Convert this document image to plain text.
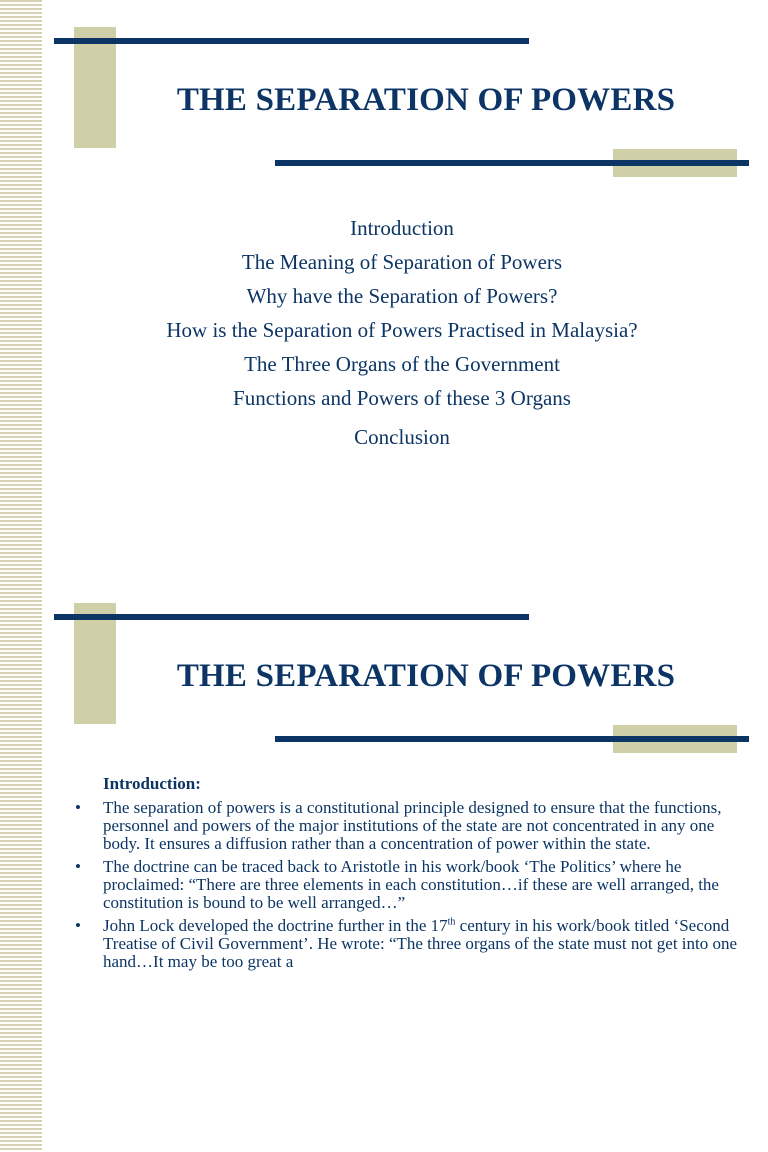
THE SEPARATION OF POWERS
Introduction
The Meaning of Separation of Powers
Why have the Separation of Powers?
How is the Separation of Powers Practised in Malaysia?
The Three Organs of the Government
Functions and Powers of these 3 Organs
Conclusion
THE SEPARATION OF POWERS
Introduction:
• The separation of powers is a constitutional principle designed to ensure that the functions, personnel and powers of the major institutions of the state are not concentrated in any one body. It ensures a diffusion rather than a concentration of power within the state.
• The doctrine can be traced back to Aristotle in his work/book ‘The Politics’ where he proclaimed: “There are three elements in each constitution…if these are well arranged, the constitution is bound to be well arranged…”
• John Lock developed the doctrine further in the 17th century in his work/book titled ‘Second Treatise of Civil Government’. He wrote: “The three organs of the state must not get into one hand…It may be too great a
